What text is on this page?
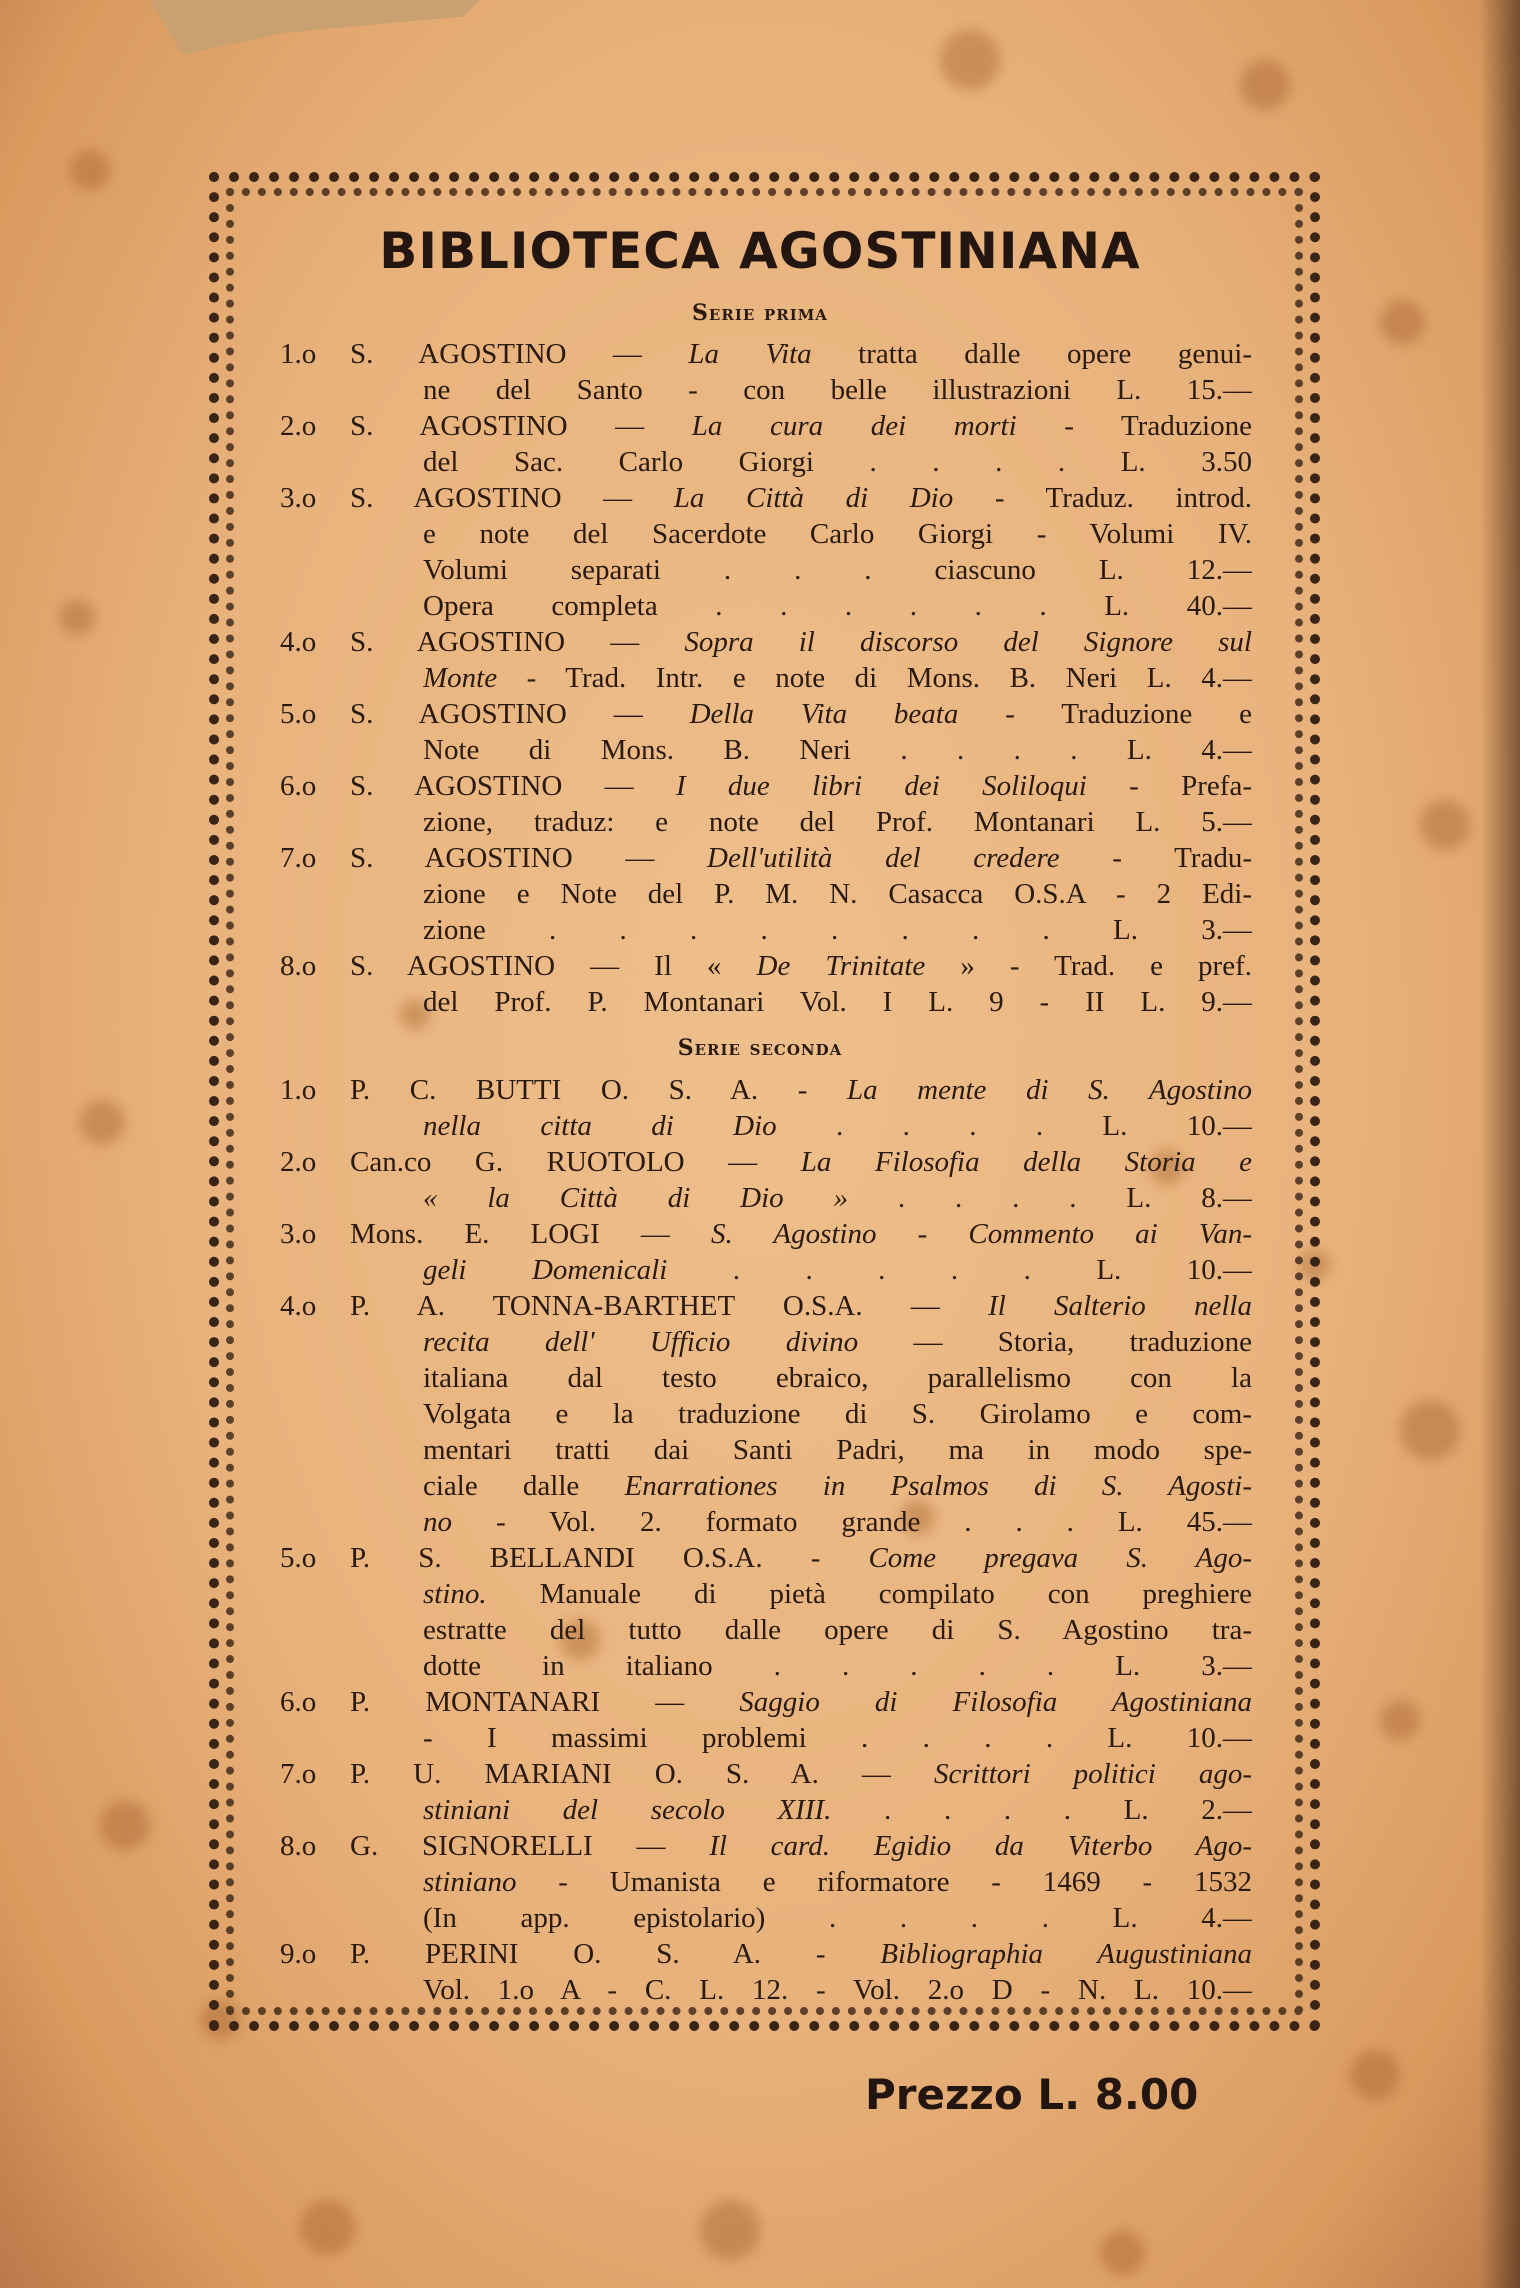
BIBLIOTECA AGOSTINIANA
Serie prima
1.o S. AGOSTINO — La Vita tratta dalle opere genui-
ne del Santo - con belle illustrazioni L. 15.—
2.o S. AGOSTINO — La cura dei morti - Traduzione
del Sac. Carlo Giorgi . . . . L. 3.50
3.o S. AGOSTINO — La Città di Dio - Traduz. introd.
e note del Sacerdote Carlo Giorgi - Volumi IV.
Volumi separati . . . ciascuno L. 12.—
Opera completa . . . . . . L. 40.—
4.o S. AGOSTINO — Sopra il discorso del Signore sul
Monte - Trad. Intr. e note di Mons. B. Neri L. 4.—
5.o S. AGOSTINO — Della Vita beata - Traduzione e
Note di Mons. B. Neri . . . . L. 4.—
6.o S. AGOSTINO — I due libri dei Soliloqui - Prefa-
zione, traduz: e note del Prof. Montanari L. 5.—
7.o S. AGOSTINO — Dell'utilità del credere - Tradu-
zione e Note del P. M. N. Casacca O.S.A - 2 Edi-
zione . . . . . . . . L. 3.—
8.o S. AGOSTINO — Il « De Trinitate » - Trad. e pref.
del Prof. P. Montanari Vol. I L. 9 - II L. 9.—
Serie seconda
1.o P. C. BUTTI O. S. A. - La mente di S. Agostino
nella citta di Dio . . . . L. 10.—
2.o Can.co G. RUOTOLO — La Filosofia della Storia e
« la Città di Dio » . . . . L. 8.—
3.o Mons. E. LOGI — S. Agostino - Commento ai Van-
geli Domenicali . . . . . L. 10.—
4.o P. A. TONNA-BARTHET O.S.A. — Il Salterio nella
recita dell' Ufficio divino — Storia, traduzione
italiana dal testo ebraico, parallelismo con la
Volgata e la traduzione di S. Girolamo e com-
mentari tratti dai Santi Padri, ma in modo spe-
ciale dalle Enarrationes in Psalmos di S. Agosti-
no - Vol. 2. formato grande . . . L. 45.—
5.o P. S. BELLANDI O.S.A. - Come pregava S. Ago-
stino. Manuale di pietà compilato con preghiere
estratte del tutto dalle opere di S. Agostino tra-
dotte in italiano . . . . . L. 3.—
6.o P. MONTANARI — Saggio di Filosofia Agostiniana
- I massimi problemi . . . . L. 10.—
7.o P. U. MARIANI O. S. A. — Scrittori politici ago-
stiniani del secolo XIII. . . . . L. 2.—
8.o G. SIGNORELLI — Il card. Egidio da Viterbo Ago-
stiniano - Umanista e riformatore - 1469 - 1532
(In app. epistolario) . . . . L. 4.—
9.o P. PERINI O. S. A. - Bibliographia Augustiniana
Vol. 1.o A - C. L. 12. - Vol. 2.o D - N. L. 10.—
Prezzo L. 8.00
